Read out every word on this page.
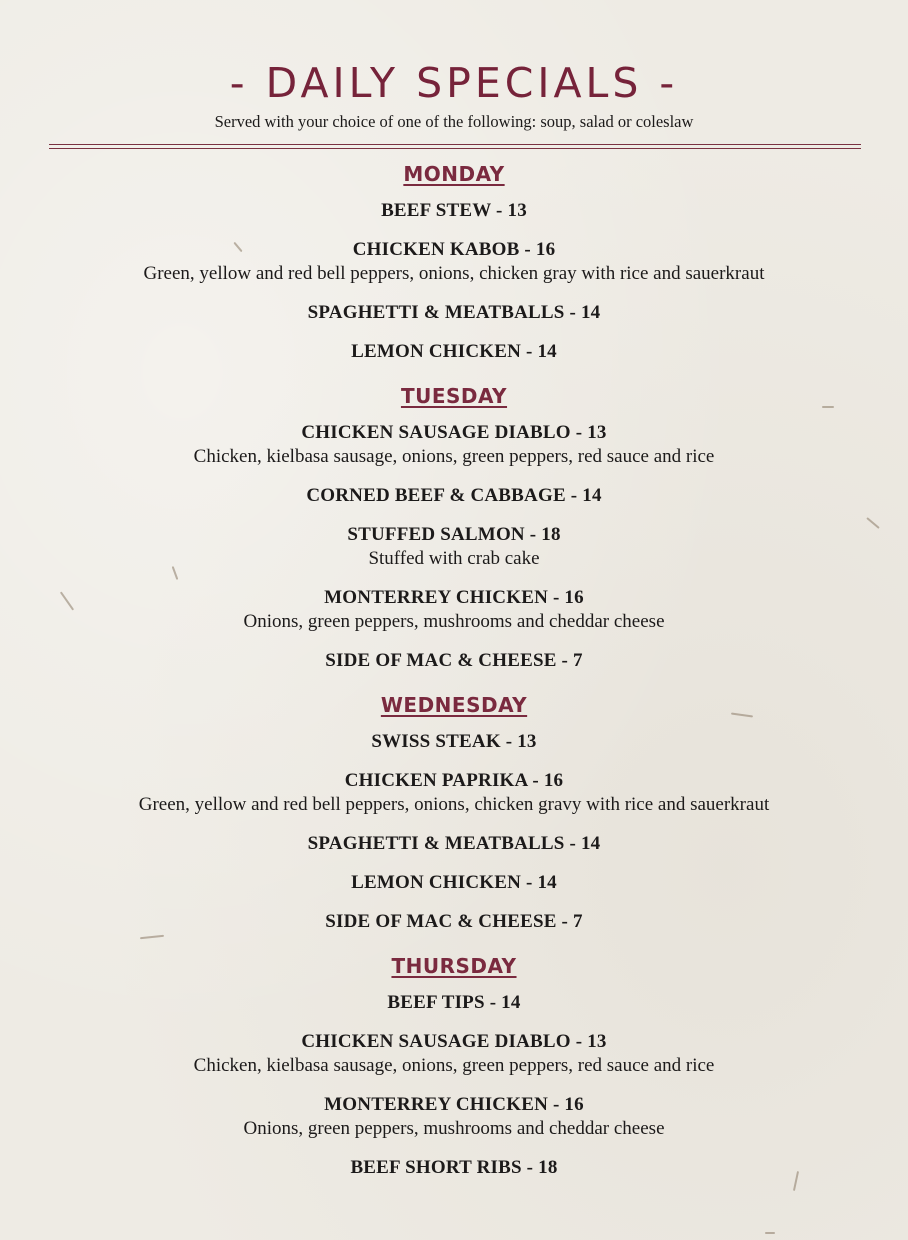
- DAILY SPECIALS -
Served with your choice of one of the following: soup, salad or coleslaw
MONDAY
BEEF STEW - 13
CHICKEN KABOB - 16
Green, yellow and red bell peppers, onions, chicken gray with rice and sauerkraut
SPAGHETTI & MEATBALLS - 14
LEMON CHICKEN - 14
TUESDAY
CHICKEN SAUSAGE DIABLO - 13
Chicken, kielbasa sausage, onions, green peppers, red sauce and rice
CORNED BEEF & CABBAGE - 14
STUFFED SALMON - 18
Stuffed with crab cake
MONTERREY CHICKEN - 16
Onions, green peppers, mushrooms and cheddar cheese
SIDE OF MAC & CHEESE - 7
WEDNESDAY
SWISS STEAK - 13
CHICKEN PAPRIKA - 16
Green, yellow and red bell peppers, onions, chicken gravy with rice and sauerkraut
SPAGHETTI & MEATBALLS - 14
LEMON CHICKEN - 14
SIDE OF MAC & CHEESE - 7
THURSDAY
BEEF TIPS - 14
CHICKEN SAUSAGE DIABLO - 13
Chicken, kielbasa sausage, onions, green peppers, red sauce and rice
MONTERREY CHICKEN - 16
Onions, green peppers, mushrooms and cheddar cheese
BEEF SHORT RIBS - 18
